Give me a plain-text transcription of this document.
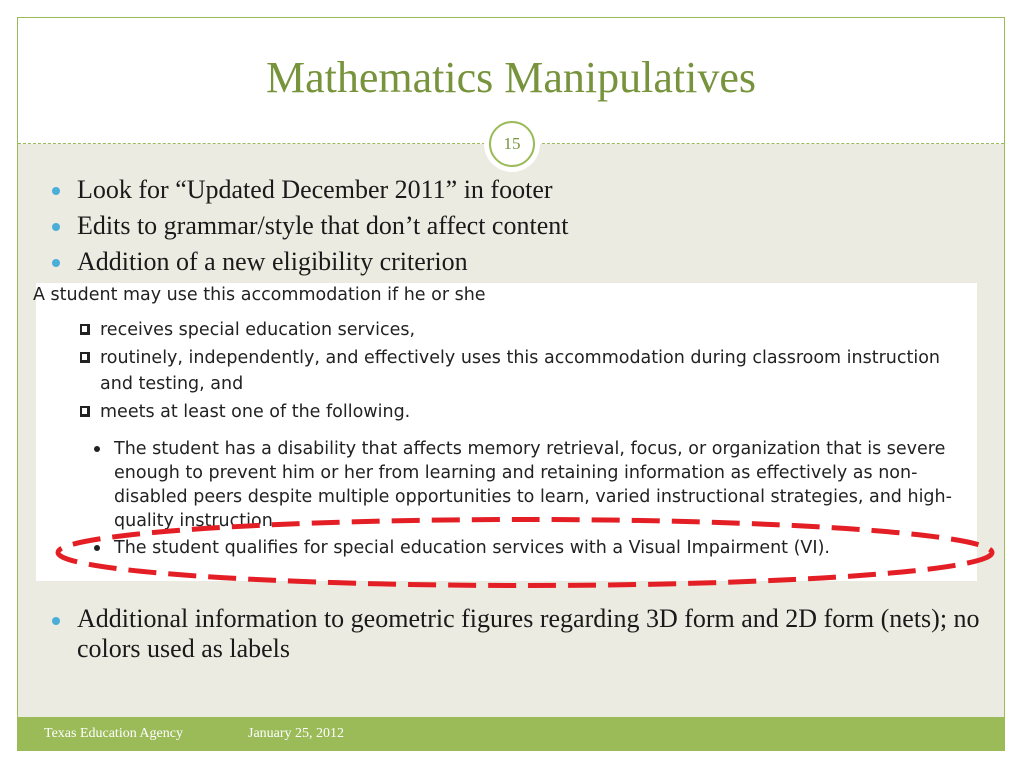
Mathematics Manipulatives
15
Look for “Updated December 2011” in footer
Edits to grammar/style that don’t affect content
Addition of a new eligibility criterion
A student may use this accommodation if he or she
receives special education services,
routinely, independently, and effectively uses this accommodation during classroom instruction and testing, and
meets at least one of the following.
The student has a disability that affects memory retrieval, focus, or organization that is severe enough to prevent him or her from learning and retaining information as effectively as non-disabled peers despite multiple opportunities to learn, varied instructional strategies, and high-quality instruction.
The student qualifies for special education services with a Visual Impairment (VI).
Additional information to geometric figures regarding 3D form and 2D form (nets); no colors used as labels
Texas Education Agency	January 25, 2012
